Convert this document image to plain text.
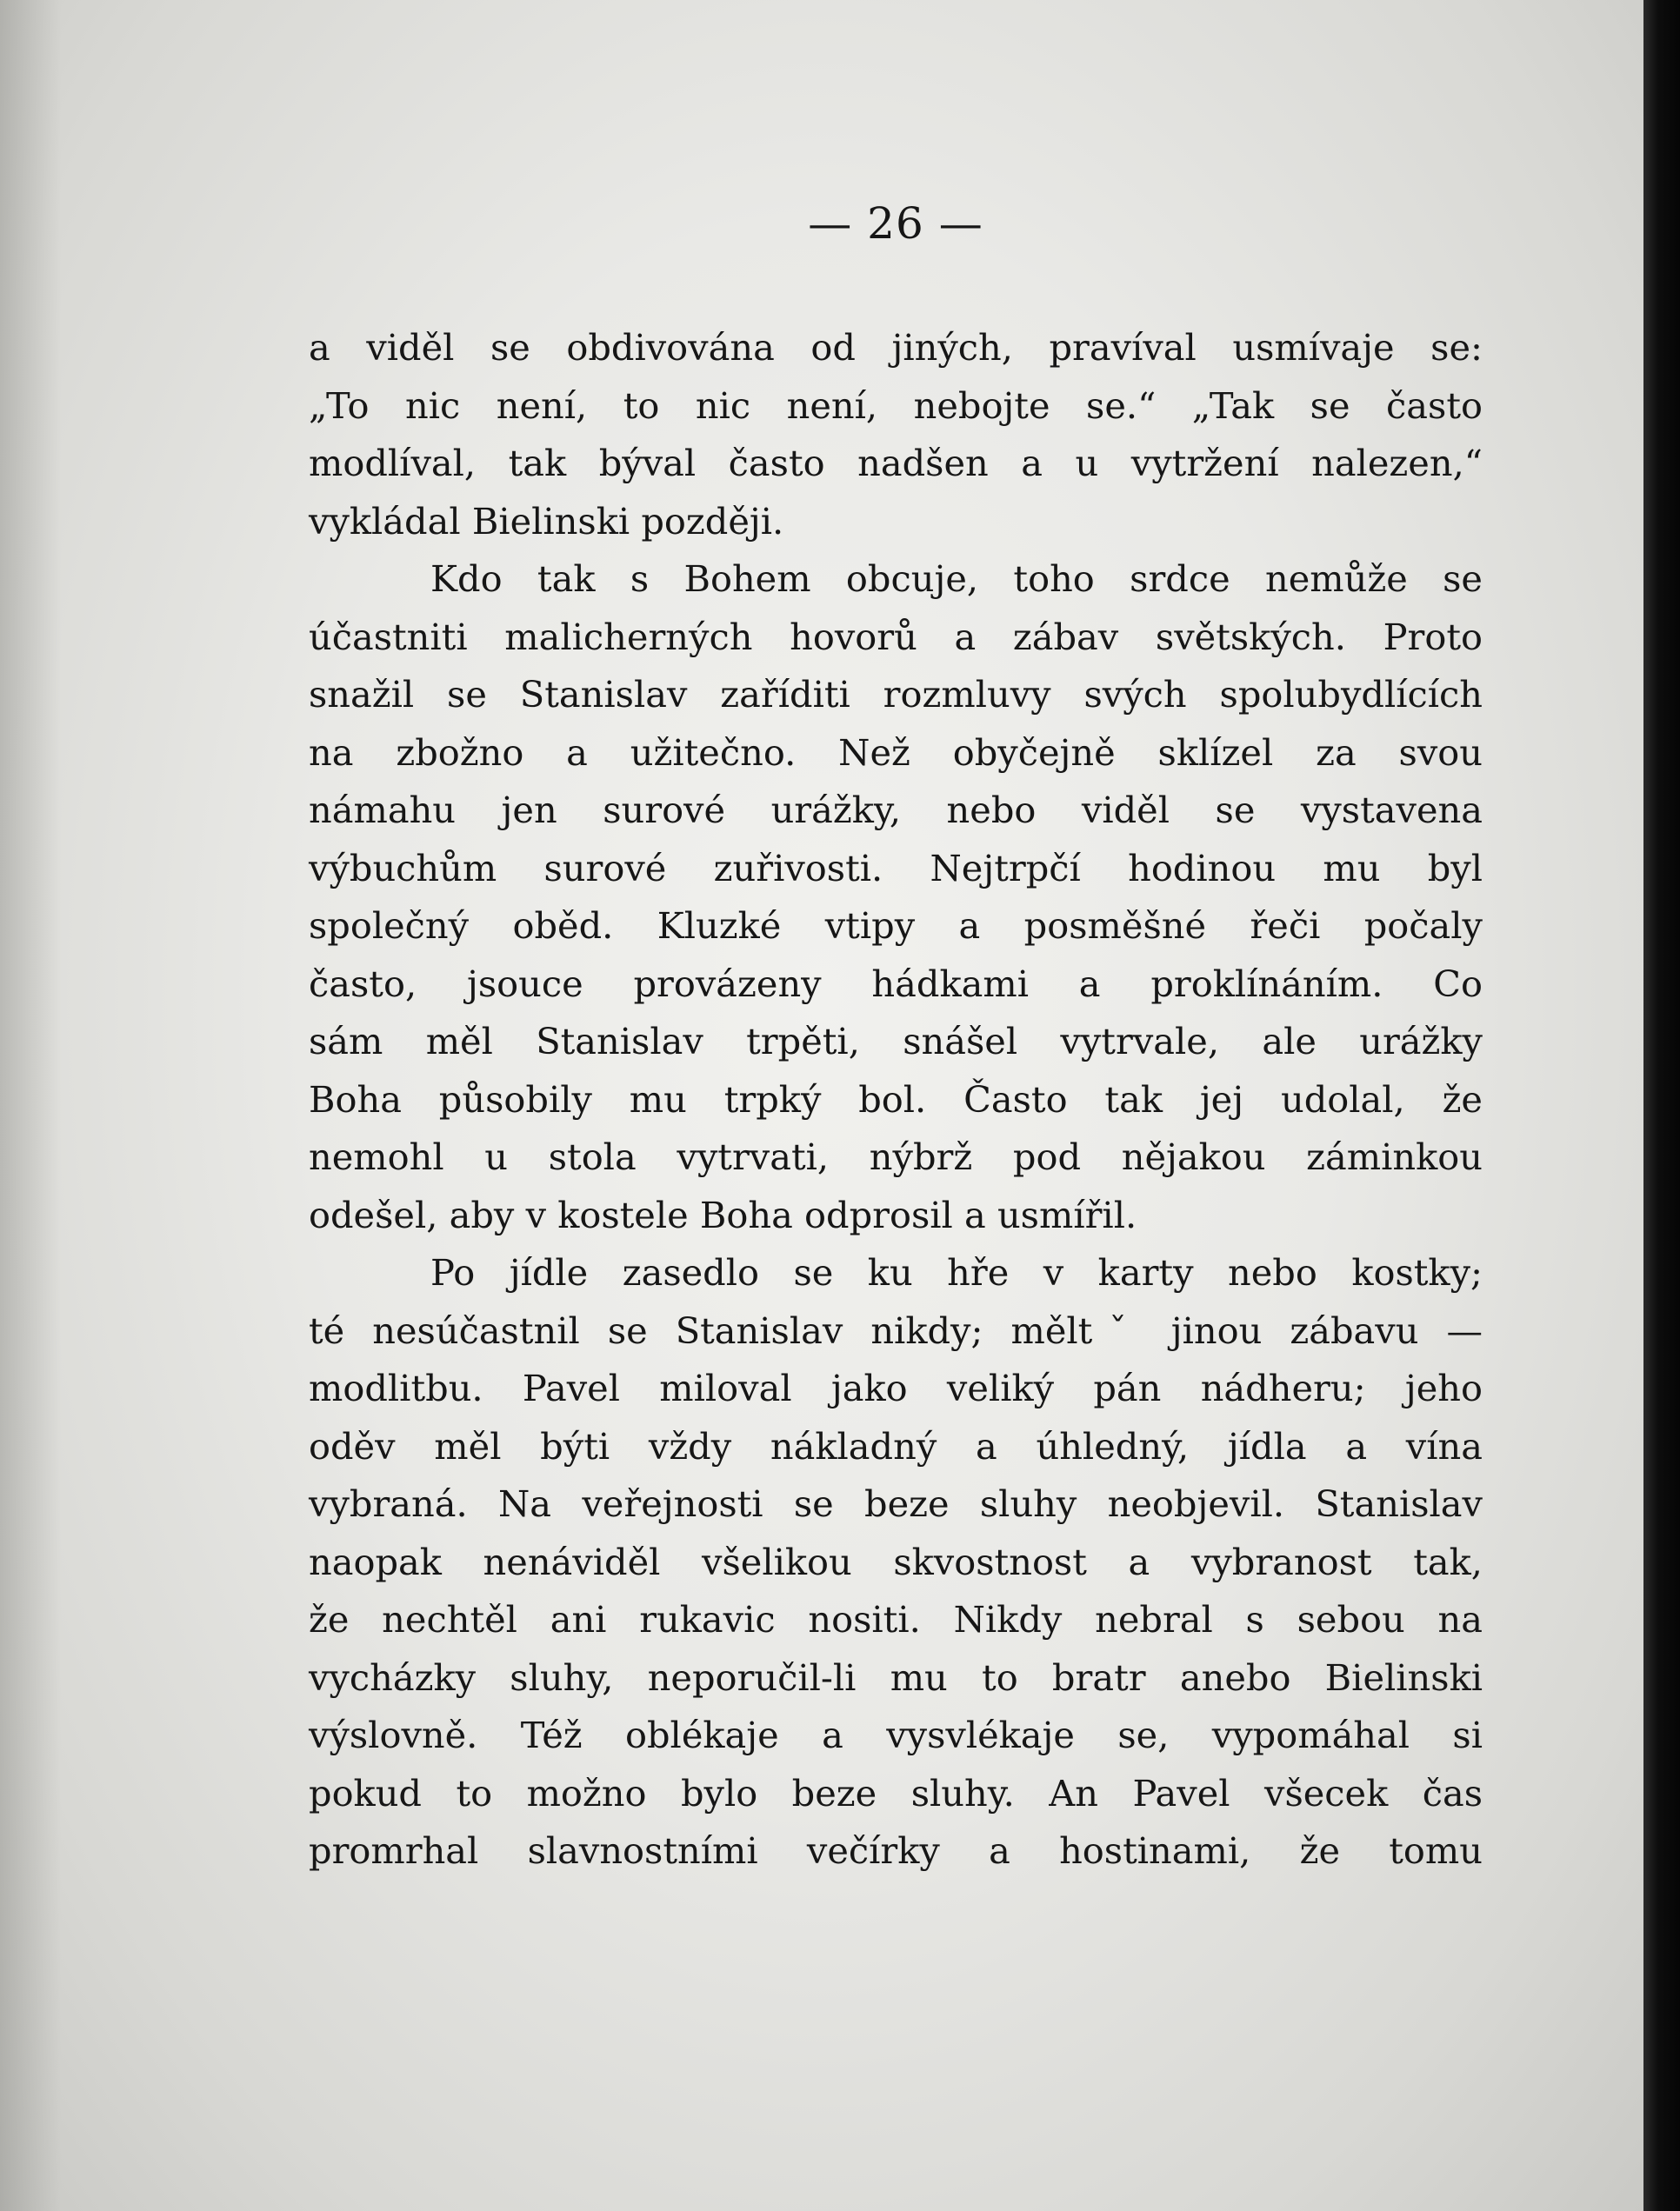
— 26 —
a viděl se obdivována od jiných, pravíval usmívaje se:
„To nic není, to nic není, nebojte se.“ „Tak se často
modlíval, tak býval často nadšen a u vytržení nalezen,“
vykládal Bielinski později.
Kdo tak s Bohem obcuje, toho srdce nemůže se
účastniti malicherných hovorů a zábav světských. Proto
snažil se Stanislav zaříditi rozmluvy svých spolubydlících
na zbožno a užitečno. Než obyčejně sklízel za svou
námahu jen surové urážky, nebo viděl se vystavena
výbuchům surové zuřivosti. Nejtrpčí hodinou mu byl
společný oběd. Kluzké vtipy a posměšné řeči počaly
často, jsouce provázeny hádkami a proklínáním. Co
sám měl Stanislav trpěti, snášel vytrvale, ale urážky
Boha působily mu trpký bol. Často tak jej udolal, že
nemohl u stola vytrvati, nýbrž pod nějakou záminkou
odešel, aby v kostele Boha odprosil a usmířil.
Po jídle zasedlo se ku hře v karty nebo kostky;
té nesúčastnil se Stanislav nikdy; měltˇ jinou zábavu —
modlitbu. Pavel miloval jako veliký pán nádheru; jeho
oděv měl býti vždy nákladný a úhledný, jídla a vína
vybraná. Na veřejnosti se beze sluhy neobjevil. Stanislav
naopak nenáviděl všelikou skvostnost a vybranost tak,
že nechtěl ani rukavic nositi. Nikdy nebral s sebou na
vycházky sluhy, neporučil-li mu to bratr anebo Bielinski
výslovně. Též oblékaje a vysvlékaje se, vypomáhal si
pokud to možno bylo beze sluhy. An Pavel všecek čas
promrhal slavnostními večírky a hostinami, že tomu
